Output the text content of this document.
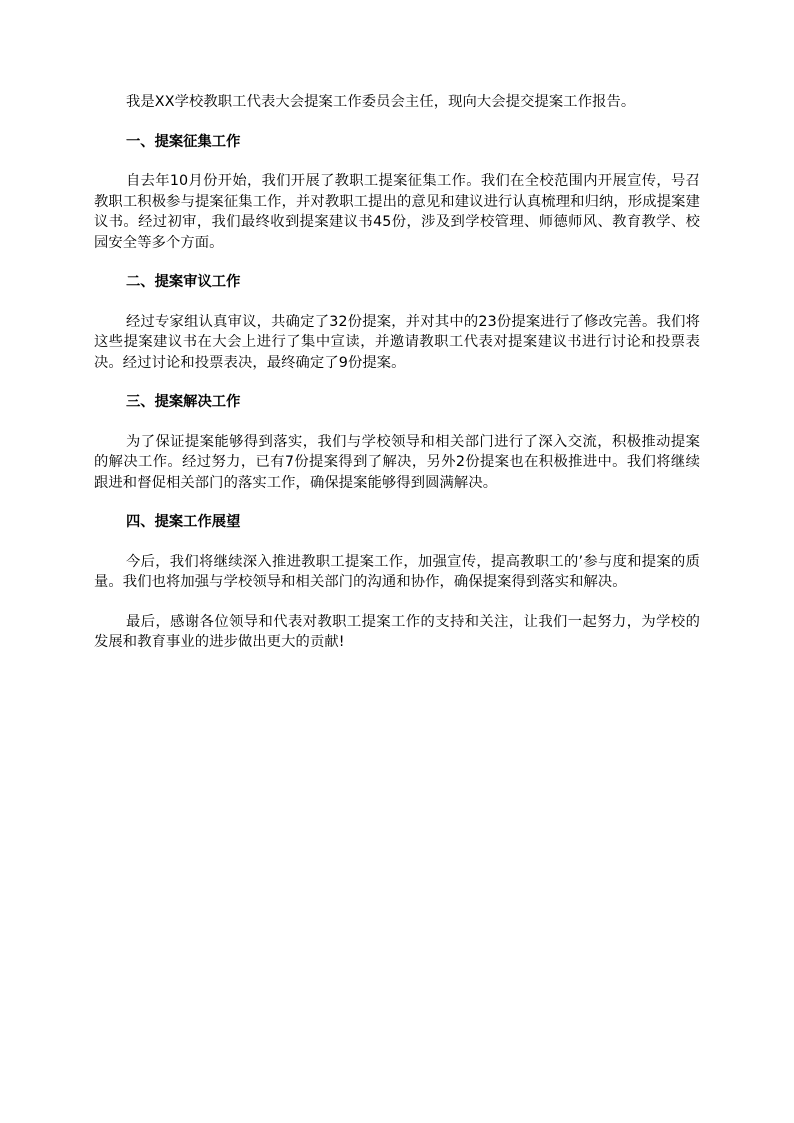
我是XX学校教职工代表大会提案工作委员会主任，现向大会提交提案工作报告。

一、提案征集工作

自去年10月份开始，我们开展了教职工提案征集工作。我们在全校范围内开展宣传，号召教职工积极参与提案征集工作，并对教职工提出的意见和建议进行认真梳理和归纳，形成提案建议书。经过初审，我们最终收到提案建议书45份，涉及到学校管理、师德师风、教育教学、校园安全等多个方面。

二、提案审议工作

经过专家组认真审议，共确定了32份提案，并对其中的23份提案进行了修改完善。我们将这些提案建议书在大会上进行了集中宣读，并邀请教职工代表对提案建议书进行讨论和投票表决。经过讨论和投票表决，最终确定了9份提案。

三、提案解决工作

为了保证提案能够得到落实，我们与学校领导和相关部门进行了深入交流，积极推动提案的解决工作。经过努力，已有7份提案得到了解决，另外2份提案也在积极推进中。我们将继续跟进和督促相关部门的落实工作，确保提案能够得到圆满解决。

四、提案工作展望

今后，我们将继续深入推进教职工提案工作，加强宣传，提高教职工的’参与度和提案的质量。我们也将加强与学校领导和相关部门的沟通和协作，确保提案得到落实和解决。

最后，感谢各位领导和代表对教职工提案工作的支持和关注，让我们一起努力，为学校的发展和教育事业的进步做出更大的贡献!
